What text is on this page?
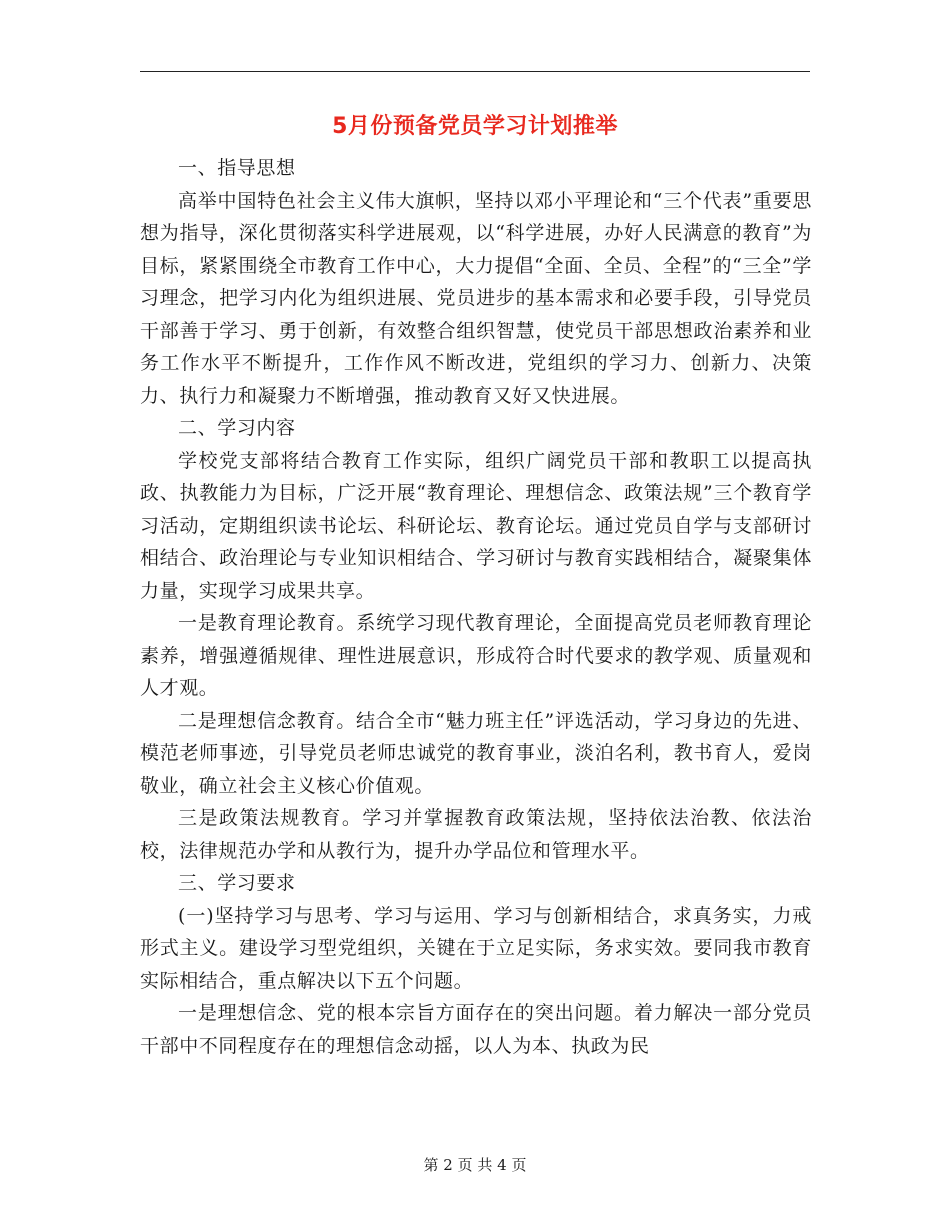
5月份预备党员学习计划推举

一、指导思想

高举中国特色社会主义伟大旗帜，坚持以邓小平理论和“三个代表”重要思想为指导，深化贯彻落实科学进展观，以“科学进展，办好人民满意的教育”为目标，紧紧围绕全市教育工作中心，大力提倡“全面、全员、全程”的“三全”学习理念，把学习内化为组织进展、党员进步的基本需求和必要手段，引导党员干部善于学习、勇于创新，有效整合组织智慧，使党员干部思想政治素养和业务工作水平不断提升，工作作风不断改进，党组织的学习力、创新力、决策力、执行力和凝聚力不断增强，推动教育又好又快进展。

二、学习内容

学校党支部将结合教育工作实际，组织广阔党员干部和教职工以提高执政、执教能力为目标，广泛开展“教育理论、理想信念、政策法规”三个教育学习活动，定期组织读书论坛、科研论坛、教育论坛。通过党员自学与支部研讨相结合、政治理论与专业知识相结合、学习研讨与教育实践相结合，凝聚集体力量，实现学习成果共享。

一是教育理论教育。系统学习现代教育理论，全面提高党员老师教育理论素养，增强遵循规律、理性进展意识，形成符合时代要求的教学观、质量观和人才观。

二是理想信念教育。结合全市“魅力班主任”评选活动，学习身边的先进、模范老师事迹，引导党员老师忠诚党的教育事业，淡泊名利，教书育人，爱岗敬业，确立社会主义核心价值观。

三是政策法规教育。学习并掌握教育政策法规，坚持依法治教、依法治校，法律规范办学和从教行为，提升办学品位和管理水平。

三、学习要求

(一)坚持学习与思考、学习与运用、学习与创新相结合，求真务实，力戒形式主义。建设学习型党组织，关键在于立足实际，务求实效。要同我市教育实际相结合，重点解决以下五个问题。

一是理想信念、党的根本宗旨方面存在的突出问题。着力解决一部分党员干部中不同程度存在的理想信念动摇，以人为本、执政为民

第 2 页 共 4 页
